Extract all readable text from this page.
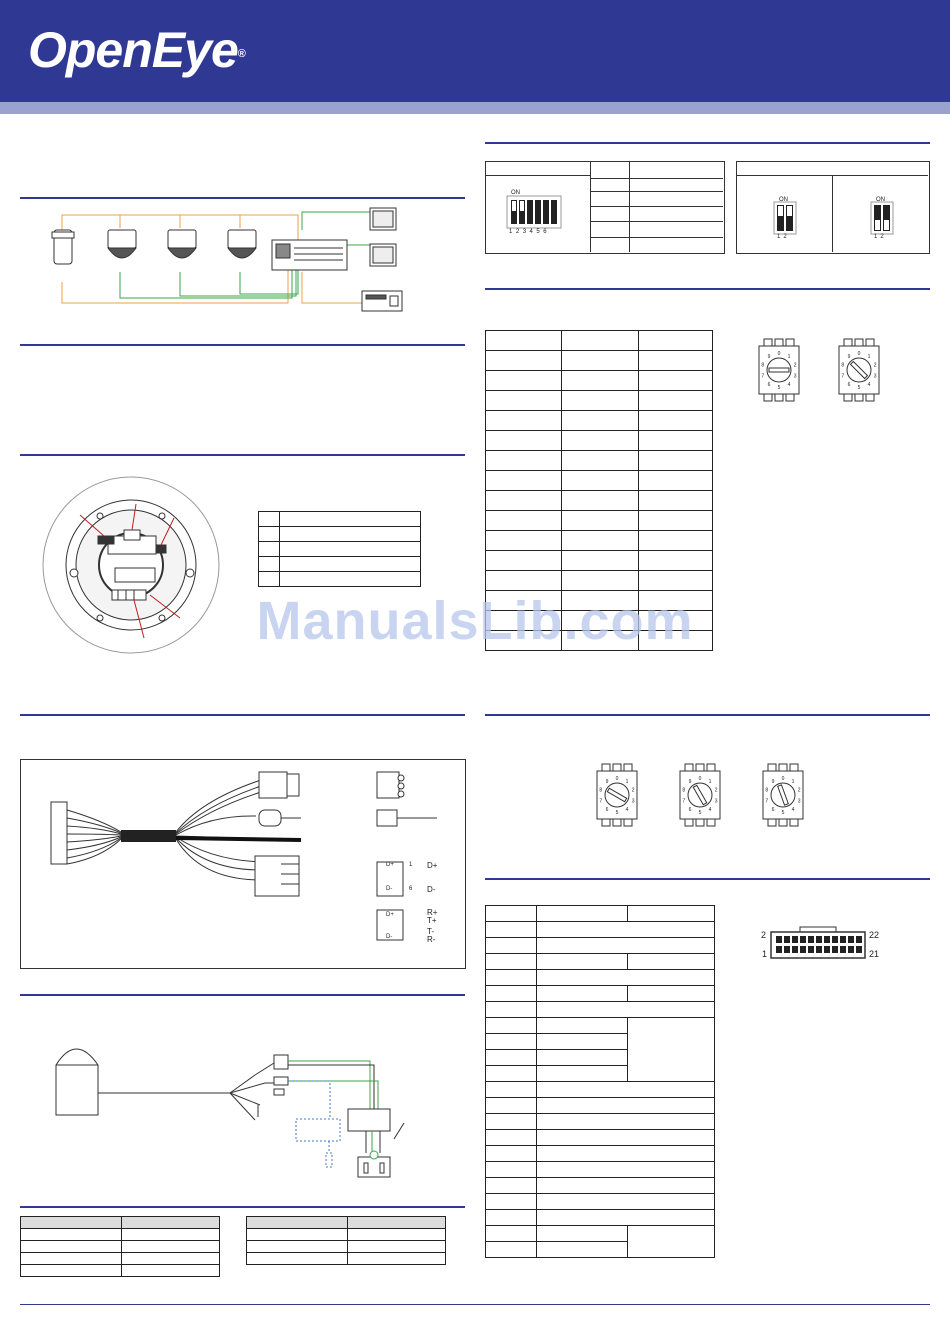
OpenEye®

D+
D-
D+
D-
1
6
R+
T+
T-
R-
D+
D-

ON
123456
ON
12
ON
12

0
1
2
3
4
5
6
7
8
9
0
1
2
3
4
5
6
7
8
9
0
1
2
3
4
5
6
7
8
9
0
1
2
3
4
5
6
7
8
9
0
1
2
3
4
5
6
7
8
9

2	22
1	21
ManualsLib.com
